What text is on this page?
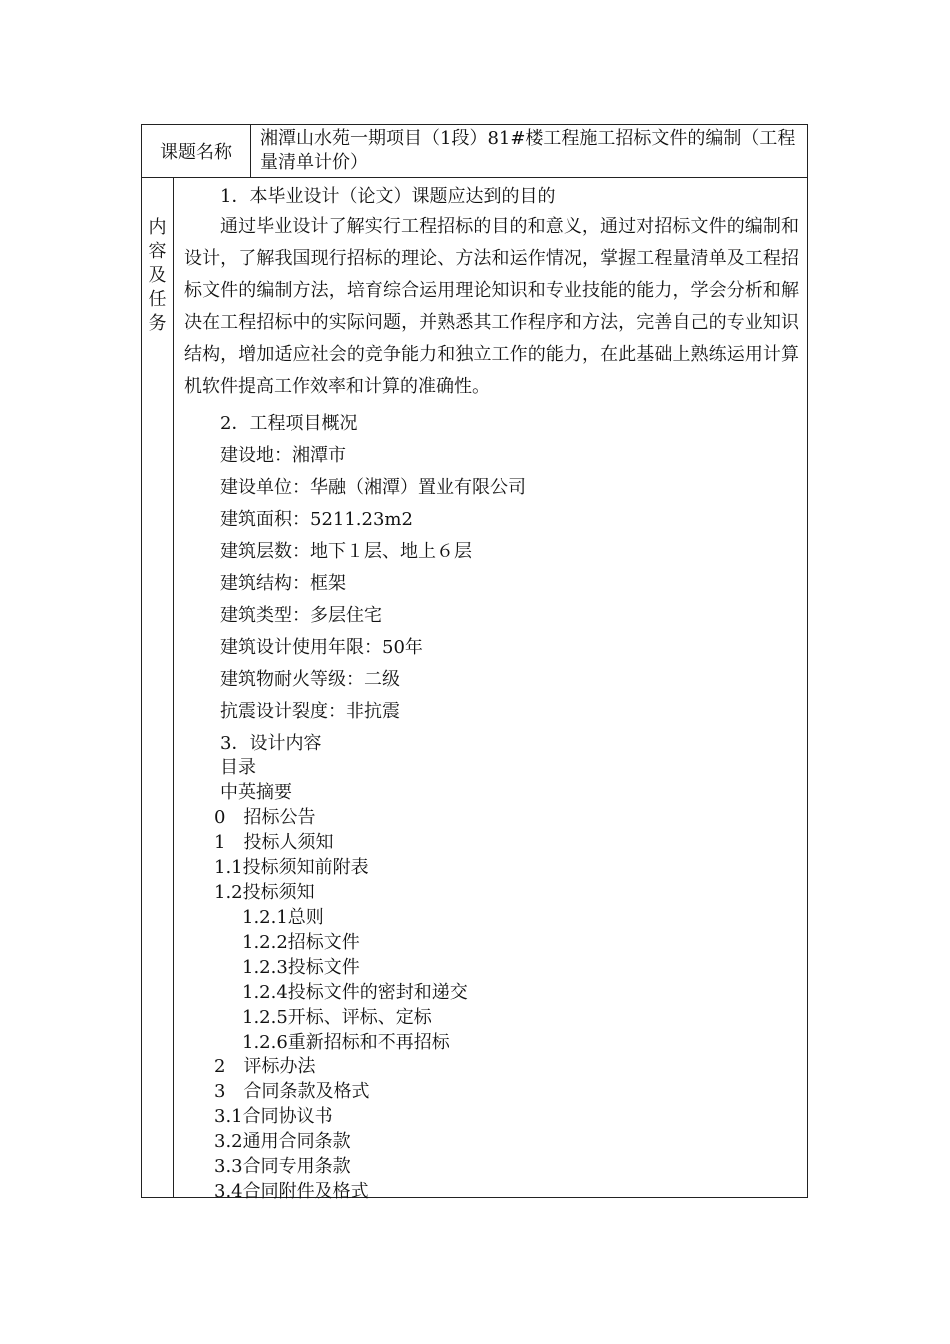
课题名称
湘潭山水苑一期项目（1段）81#楼工程施工招标文件的编制（工程量清单计价）
内
容
及
任
务
1．本毕业设计（论文）课题应达到的目的
通过毕业设计了解实行工程招标的目的和意义，通过对招标文件的编制和设计，了解我国现行招标的理论、方法和运作情况，掌握工程量清单及工程招标文件的编制方法，培育综合运用理论知识和专业技能的能力，学会分析和解决在工程招标中的实际问题，并熟悉其工作程序和方法，完善自己的专业知识结构，增加适应社会的竞争能力和独立工作的能力，在此基础上熟练运用计算机软件提高工作效率和计算的准确性。
2．工程项目概况
建设地：湘潭市
建设单位：华融（湘潭）置业有限公司
建筑面积：5211.23m2
建筑层数：地下１层、地上６层
建筑结构：框架
建筑类型：多层住宅
建筑设计使用年限：50年
建筑物耐火等级：二级
抗震设计裂度：非抗震
3．设计内容
目录
中英摘要
0　招标公告
1　投标人须知
1.1投标须知前附表
1.2投标须知
1.2.1总则
1.2.2招标文件
1.2.3投标文件
1.2.4投标文件的密封和递交
1.2.5开标、评标、定标
1.2.6重新招标和不再招标
2　评标办法
3　合同条款及格式
3.1合同协议书
3.2通用合同条款
3.3合同专用条款
3.4合同附件及格式
